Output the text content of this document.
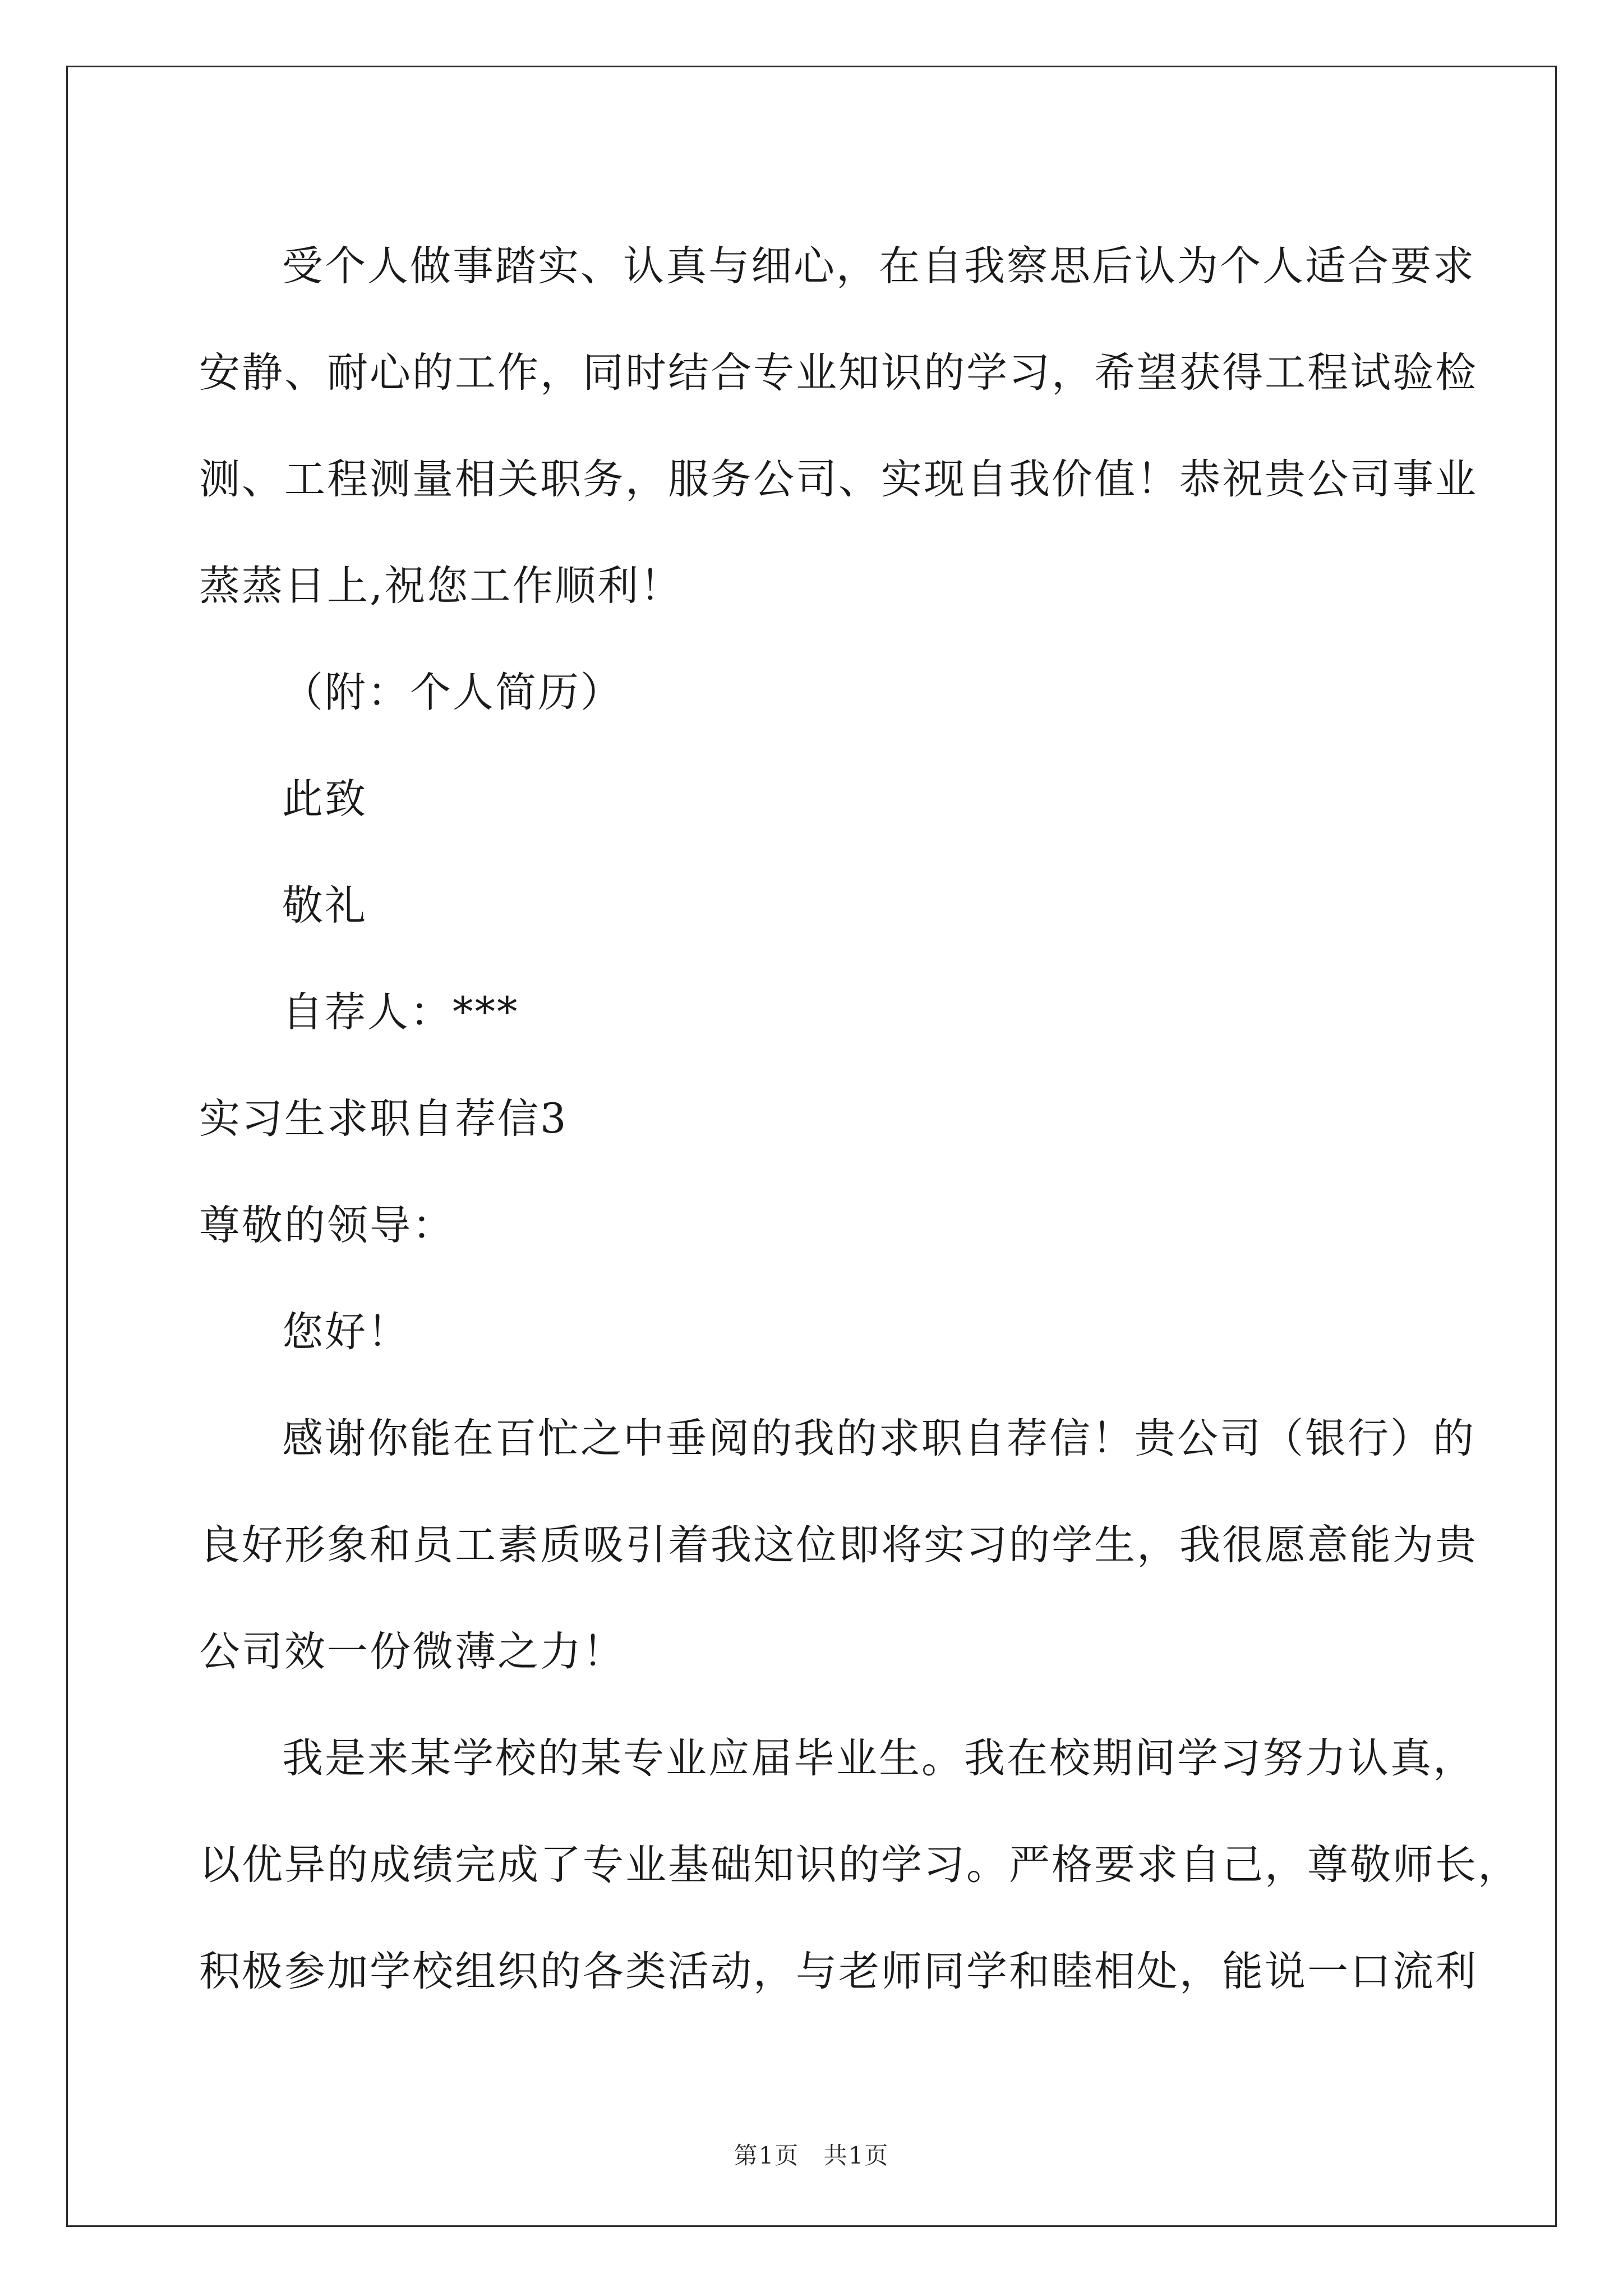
受个人做事踏实、认真与细心，在自我察思后认为个人适合要求
安静、耐心的工作，同时结合专业知识的学习，希望获得工程试验检
测、工程测量相关职务，服务公司、实现自我价值！恭祝贵公司事业
蒸蒸日上,祝您工作顺利！
（附：个人简历）
此致
敬礼
自荐人：***
实习生求职自荐信3
尊敬的领导：
您好！
感谢你能在百忙之中垂阅的我的求职自荐信！贵公司（银行）的
良好形象和员工素质吸引着我这位即将实习的学生，我很愿意能为贵
公司效一份微薄之力！
我是来某学校的某专业应届毕业生。我在校期间学习努力认真，
以优异的成绩完成了专业基础知识的学习。严格要求自己，尊敬师长，
积极参加学校组织的各类活动，与老师同学和睦相处，能说一口流利
第1页 共1页
